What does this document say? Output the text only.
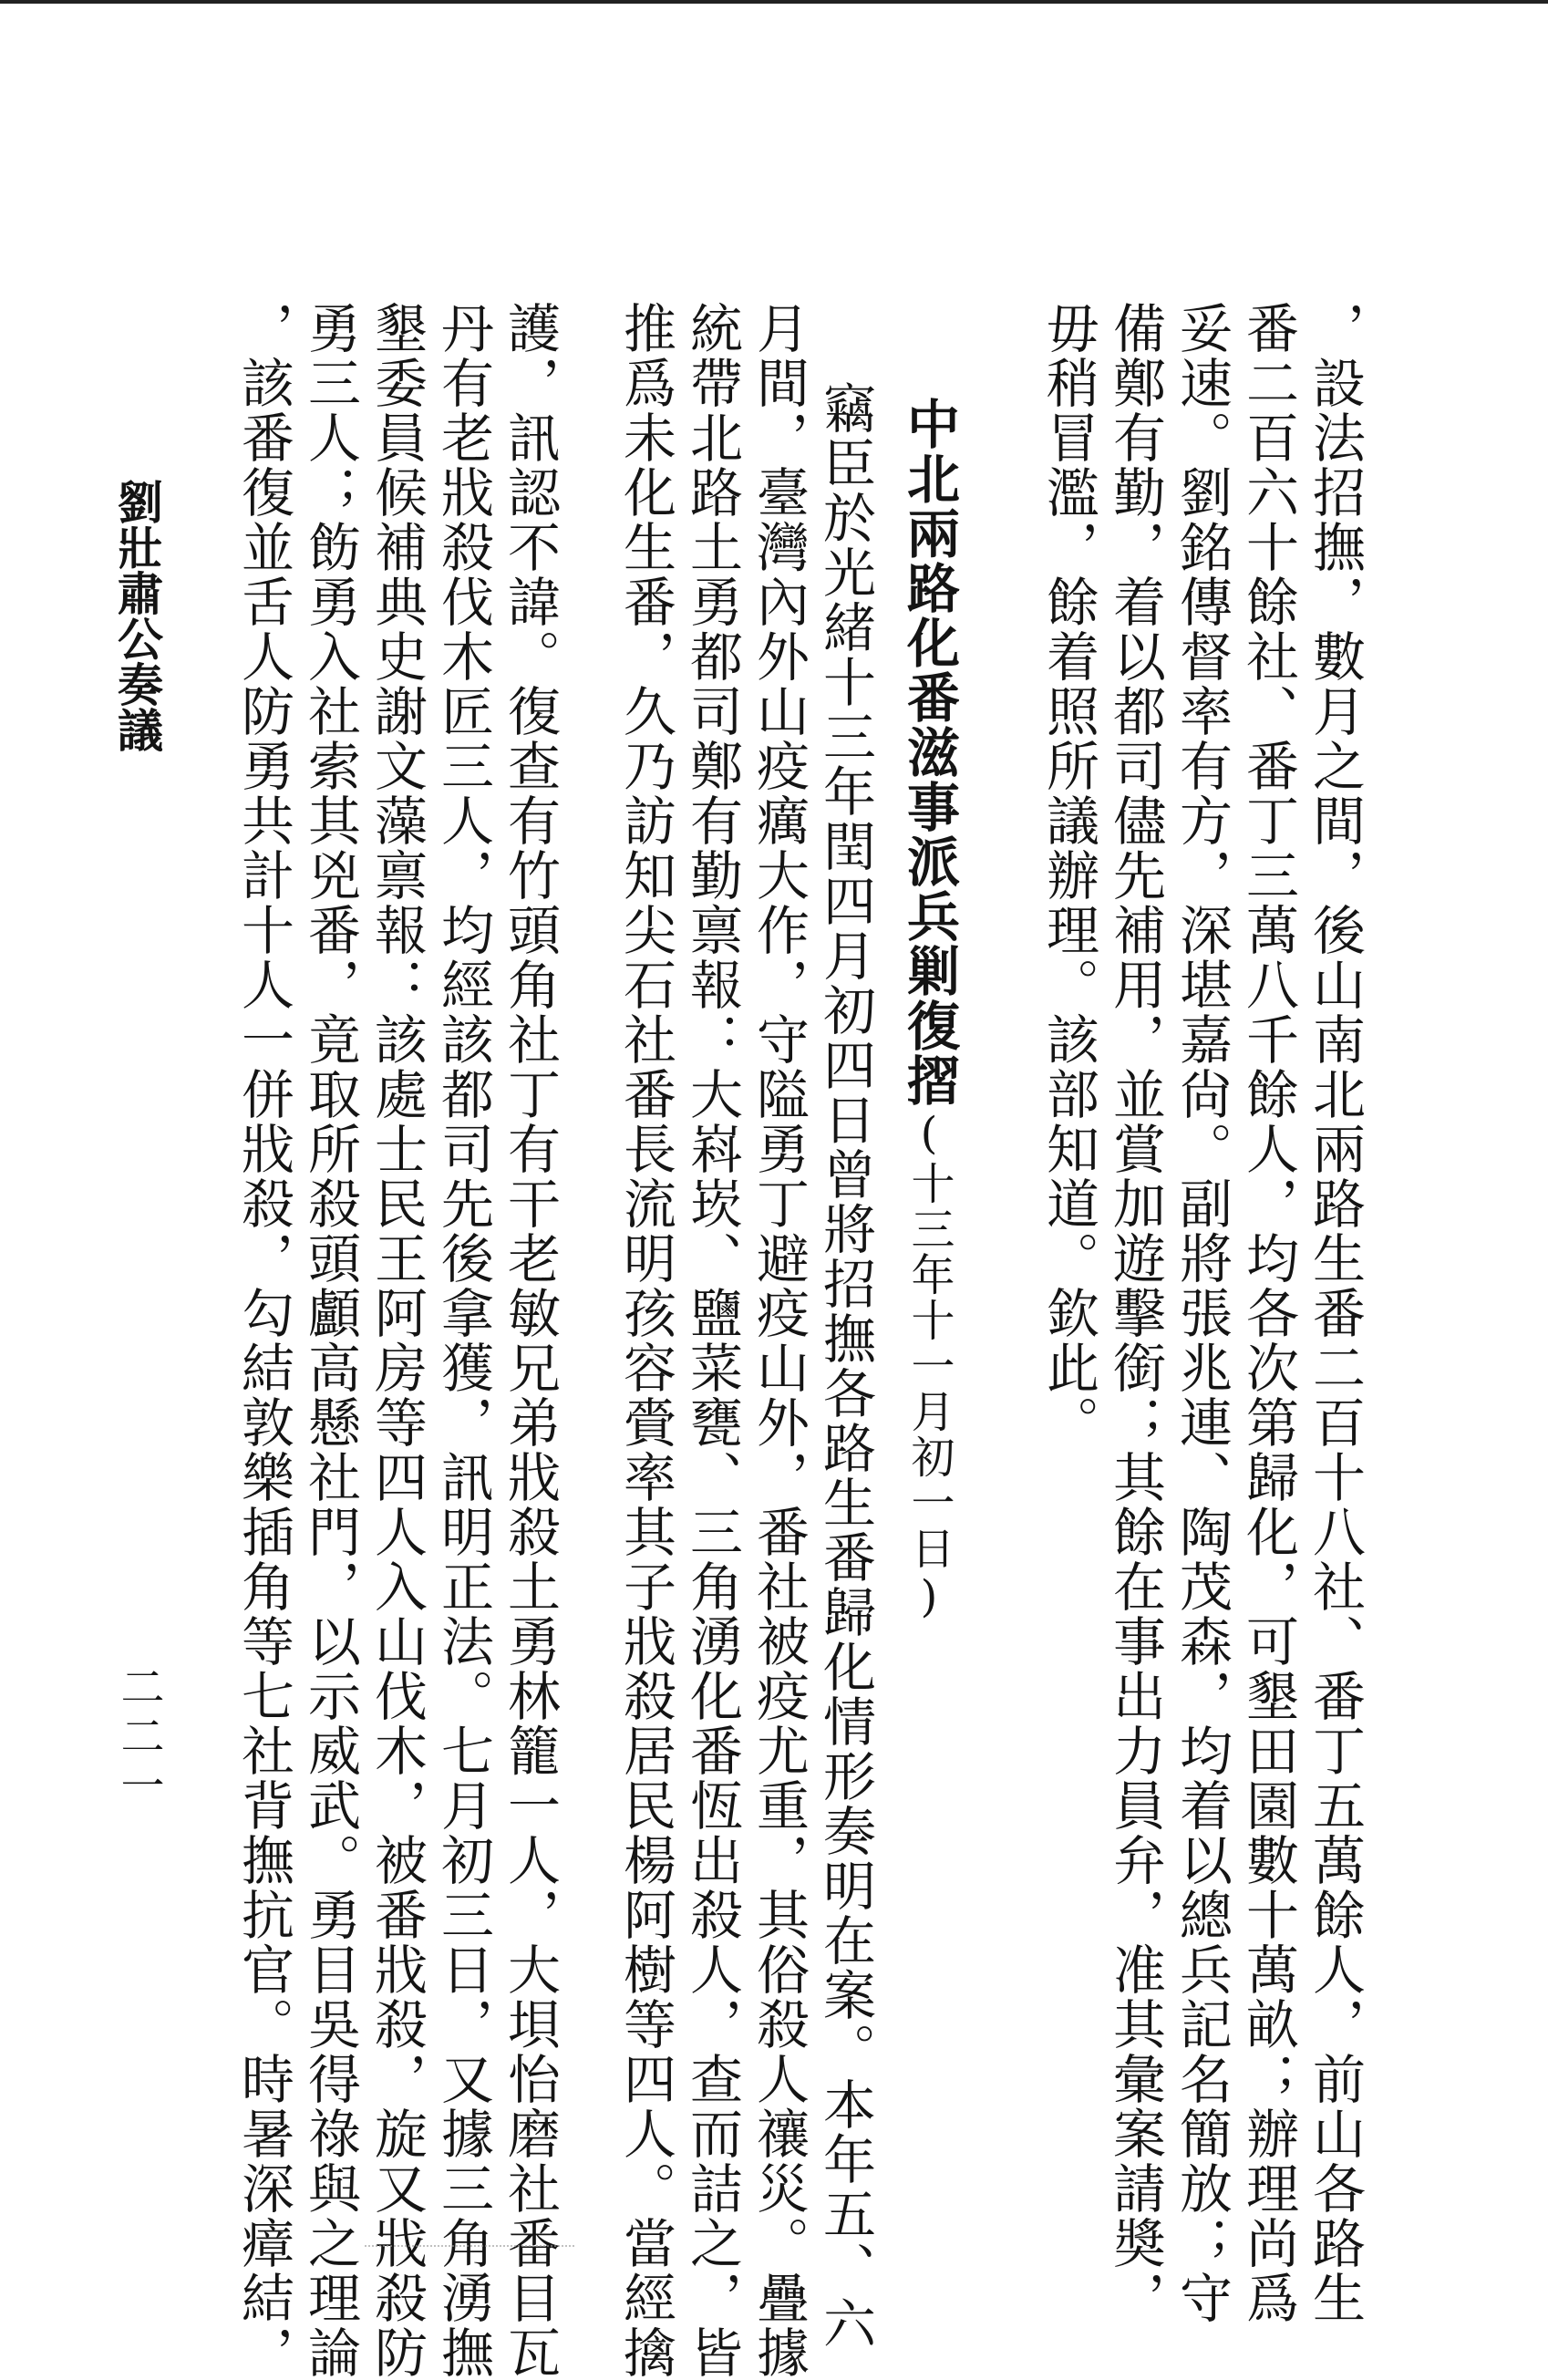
，設法招撫，數月之間，後山南北兩路生番二百十八社、番丁五萬餘人，前山各路生
番二百六十餘社、番丁三萬八千餘人，均各次第歸化，可墾田園數十萬畝；辦理尚爲
妥速。劉銘傳督率有方，深堪嘉尙。副將張兆連、陶茂森，均着以總兵記名簡放；守
備鄭有勤，着以都司儘先補用，並賞加遊擊銜；其餘在事出力員弁，准其彙案請奬，
毋稍冒濫，餘着照所議辦理。該部知道。欽此。
中北兩路化番滋事派兵剿復摺(十三年十一月初一日)
竊臣於光緒十三年閏四月初四日曾將招撫各路生番歸化情形奏明在案。本年五、六
月間，臺灣內外山疫癘大作，守隘勇丁避疫山外，番社被疫尤重，其俗殺人禳災。疊據
統帶北路土勇都司鄭有勤禀報：大嵙崁、鹽菜甕、三角湧化番恆出殺人，查而詰之，皆
推爲未化生番，久乃訪知尖石社番長流明孩容賫率其子戕殺居民楊阿樹等四人。當經擒
護，訊認不諱。復查有竹頭角社丁有干老敏兄弟戕殺土勇林籠一人，大垻怡磨社番目瓦
丹有老戕殺伐木匠三人，均經該都司先後拿獲，訊明正法。七月初三日，又據三角湧撫
墾委員候補典史謝文藻禀報：該處士民王阿房等四人入山伐木，被番戕殺，旋又戕殺防
勇三人；飭勇入社索其兇番，竟取所殺頭顱高懸社門，以示威武。勇目吳得祿與之理論
，該番復並舌人防勇共計十人一併戕殺，勾結敦樂插角等七社背撫抗官。時暑深瘴結，
劉壯肅公奏議
二二一
